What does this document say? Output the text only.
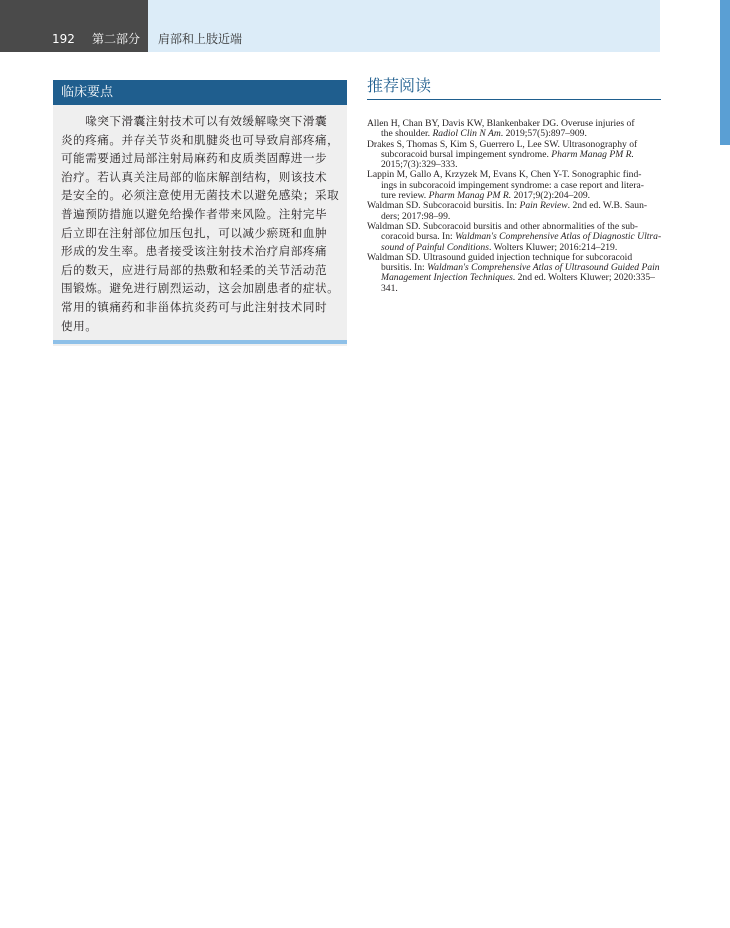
192 第二部分 肩部和上肢近端
临床要点
　　喙突下滑囊注射技术可以有效缓解喙突下滑囊
炎的疼痛。并存关节炎和肌腱炎也可导致肩部疼痛，
可能需要通过局部注射局麻药和皮质类固醇进一步
治疗。若认真关注局部的临床解剖结构，则该技术
是安全的。必须注意使用无菌技术以避免感染；采取
普遍预防措施以避免给操作者带来风险。注射完毕
后立即在注射部位加压包扎，可以减少瘀斑和血肿
形成的发生率。患者接受该注射技术治疗肩部疼痛
后的数天，应进行局部的热敷和轻柔的关节活动范
围锻炼。避免进行剧烈运动，这会加剧患者的症状。
常用的镇痛药和非甾体抗炎药可与此注射技术同时
使用。
推荐阅读
Allen H, Chan BY, Davis KW, Blankenbaker DG. Overuse injuries of
the shoulder. Radiol Clin N Am. 2019;57(5):897–909.
Drakes S, Thomas S, Kim S, Guerrero L, Lee SW. Ultrasonography of
subcoracoid bursal impingement syndrome. Pharm Manag PM R.
2015;7(3):329–333.
Lappin M, Gallo A, Krzyzek M, Evans K, Chen Y-T. Sonographic find-
ings in subcoracoid impingement syndrome: a case report and litera-
ture review. Pharm Manag PM R. 2017;9(2):204–209.
Waldman SD. Subcoracoid bursitis. In: Pain Review. 2nd ed. W.B. Saun-
ders; 2017:98–99.
Waldman SD. Subcoracoid bursitis and other abnormalities of the sub-
coracoid bursa. In: Waldman's Comprehensive Atlas of Diagnostic Ultra-
sound of Painful Conditions. Wolters Kluwer; 2016:214–219.
Waldman SD. Ultrasound guided injection technique for subcoracoid
bursitis. In: Waldman's Comprehensive Atlas of Ultrasound Guided Pain
Management Injection Techniques. 2nd ed. Wolters Kluwer; 2020:335–
341.
